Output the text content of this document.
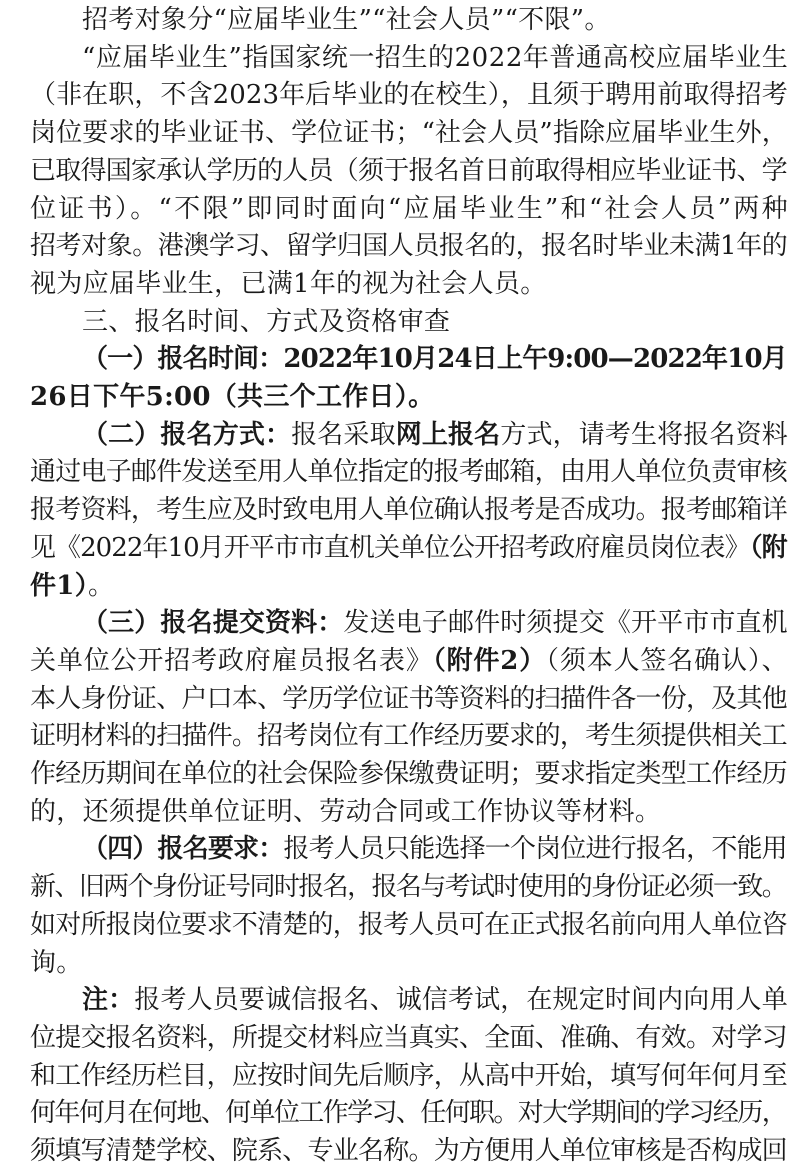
招考对象分“应届毕业生”“社会人员”“不限”。
“应届毕业生”指国家统一招生的2022年普通高校应届毕业生
（非在职，不含2023年后毕业的在校生），且须于聘用前取得招考
岗位要求的毕业证书、学位证书；“社会人员”指除应届毕业生外，
已取得国家承认学历的人员（须于报名首日前取得相应毕业证书、学
位证书）。“不限”即同时面向“应届毕业生”和“社会人员”两种
招考对象。港澳学习、留学归国人员报名的，报名时毕业未满1年的
视为应届毕业生，已满1年的视为社会人员。
三、报名时间、方式及资格审查
（一）报名时间：2022年10月24日上午9:00—2022年10月
26日下午5:00（共三个工作日）。
（二）报名方式：报名采取网上报名方式，请考生将报名资料
通过电子邮件发送至用人单位指定的报考邮箱，由用人单位负责审核
报考资料，考生应及时致电用人单位确认报考是否成功。报考邮箱详
见《2022年10月开平市市直机关单位公开招考政府雇员岗位表》（附
件1）。
（三）报名提交资料：发送电子邮件时须提交《开平市市直机
关单位公开招考政府雇员报名表》（附件2）（须本人签名确认）、
本人身份证、户口本、学历学位证书等资料的扫描件各一份，及其他
证明材料的扫描件。招考岗位有工作经历要求的，考生须提供相关工
作经历期间在单位的社会保险参保缴费证明；要求指定类型工作经历
的，还须提供单位证明、劳动合同或工作协议等材料。
（四）报名要求：报考人员只能选择一个岗位进行报名，不能用
新、旧两个身份证号同时报名，报名与考试时使用的身份证必须一致。
如对所报岗位要求不清楚的，报考人员可在正式报名前向用人单位咨
询。
注：报考人员要诚信报名、诚信考试，在规定时间内向用人单
位提交报名资料，所提交材料应当真实、全面、准确、有效。对学习
和工作经历栏目，应按时间先后顺序，从高中开始，填写何年何月至
何年何月在何地、何单位工作学习、任何职。对大学期间的学习经历，
须填写清楚学校、院系、专业名称。为方便用人单位审核是否构成回
